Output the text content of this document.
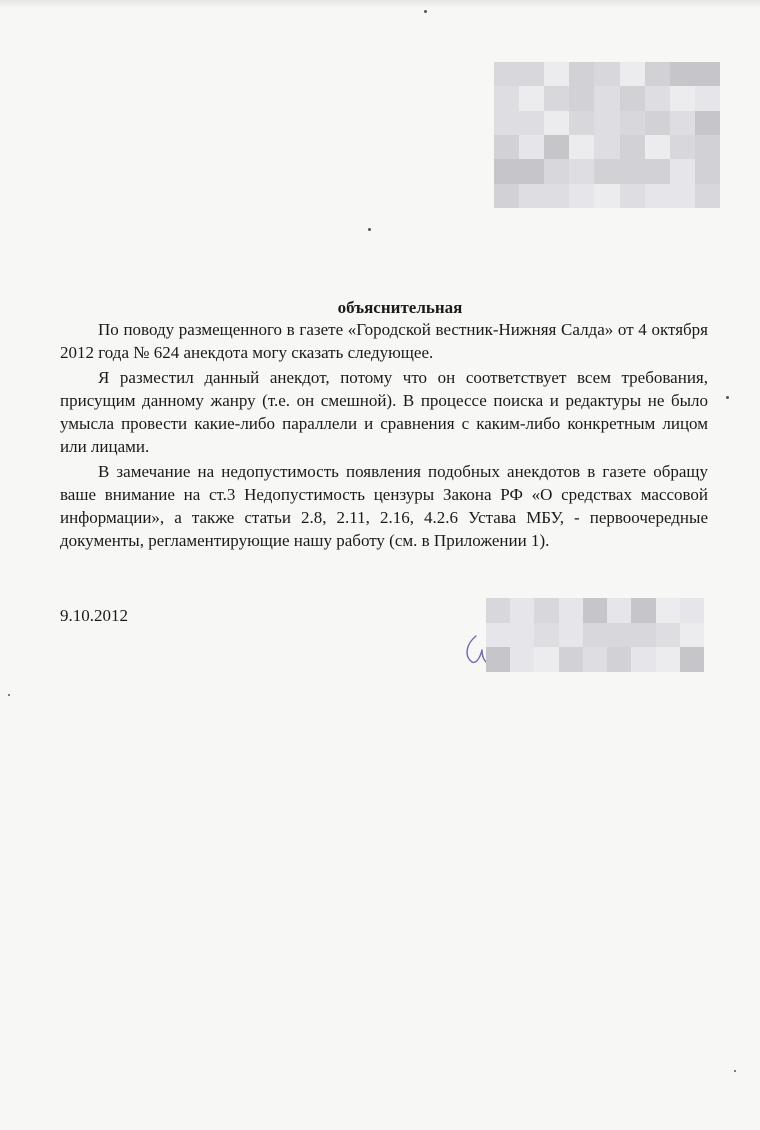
объяснительная

По поводу размещенного в газете «Городской вестник-Нижняя Салда» от 4 октября 2012 года № 624 анекдота могу сказать следующее.

Я разместил данный анекдот, потому что он соответствует всем требования, присущим данному жанру (т.е. он смешной). В процессе поиска и редактуры не было умысла провести какие-либо параллели и сравнения с каким-либо конкретным лицом или лицами.

В замечание на недопустимость появления подобных анекдотов в газете обращу ваше внимание на ст.3 Недопустимость цензуры Закона РФ «О средствах массовой информации», а также статьи 2.8, 2.11, 2.16, 4.2.6 Устава МБУ, - первоочередные документы, регламентирующие нашу работу (см. в Приложении 1).

9.10.2012
